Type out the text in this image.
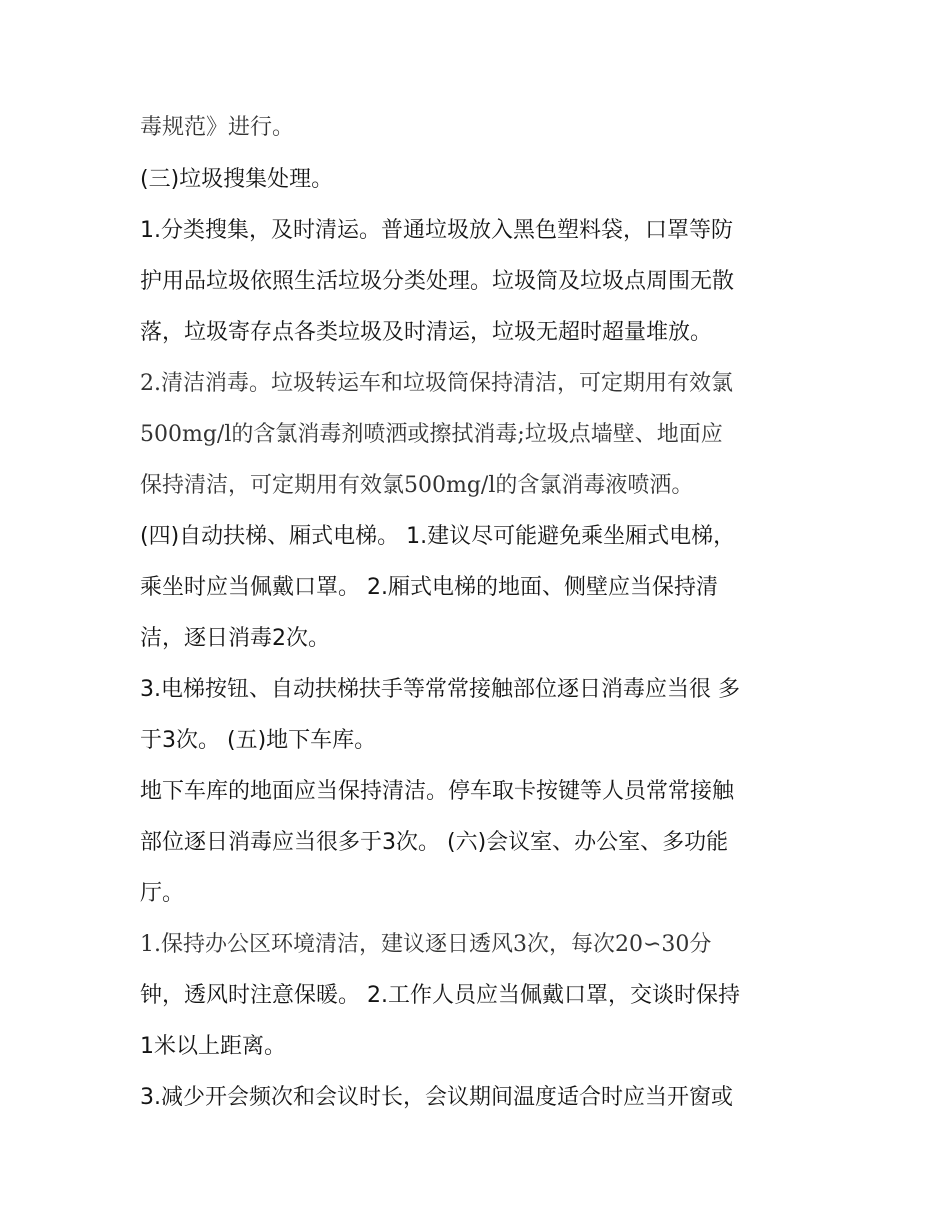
毒规范》进行。

(三)垃圾搜集处理。

1.分类搜集，及时清运。普通垃圾放入黑色塑料袋，口罩等防

护用品垃圾依照生活垃圾分类处理。垃圾筒及垃圾点周围无散

落，垃圾寄存点各类垃圾及时清运，垃圾无超时超量堆放。

2.清洁消毒。垃圾转运车和垃圾筒保持清洁，可定期用有效氯

500mg/l的含氯消毒剂喷洒或擦拭消毒;垃圾点墙壁、地面应

保持清洁，可定期用有效氯500mg/l的含氯消毒液喷洒。

(四)自动扶梯、厢式电梯。 1.建议尽可能避免乘坐厢式电梯，

乘坐时应当佩戴口罩。 2.厢式电梯的地面、侧壁应当保持清

洁，逐日消毒2次。

3.电梯按钮、自动扶梯扶手等常常接触部位逐日消毒应当很 多

于3次。 (五)地下车库。

地下车库的地面应当保持清洁。停车取卡按键等人员常常接触

部位逐日消毒应当很多于3次。 (六)会议室、办公室、多功能

厅。

1.保持办公区环境清洁，建议逐日透风3次，每次20∽30分

钟，透风时注意保暖。 2.工作人员应当佩戴口罩，交谈时保持

1米以上距离。

3.减少开会频次和会议时长，会议期间温度适合时应当开窗或
